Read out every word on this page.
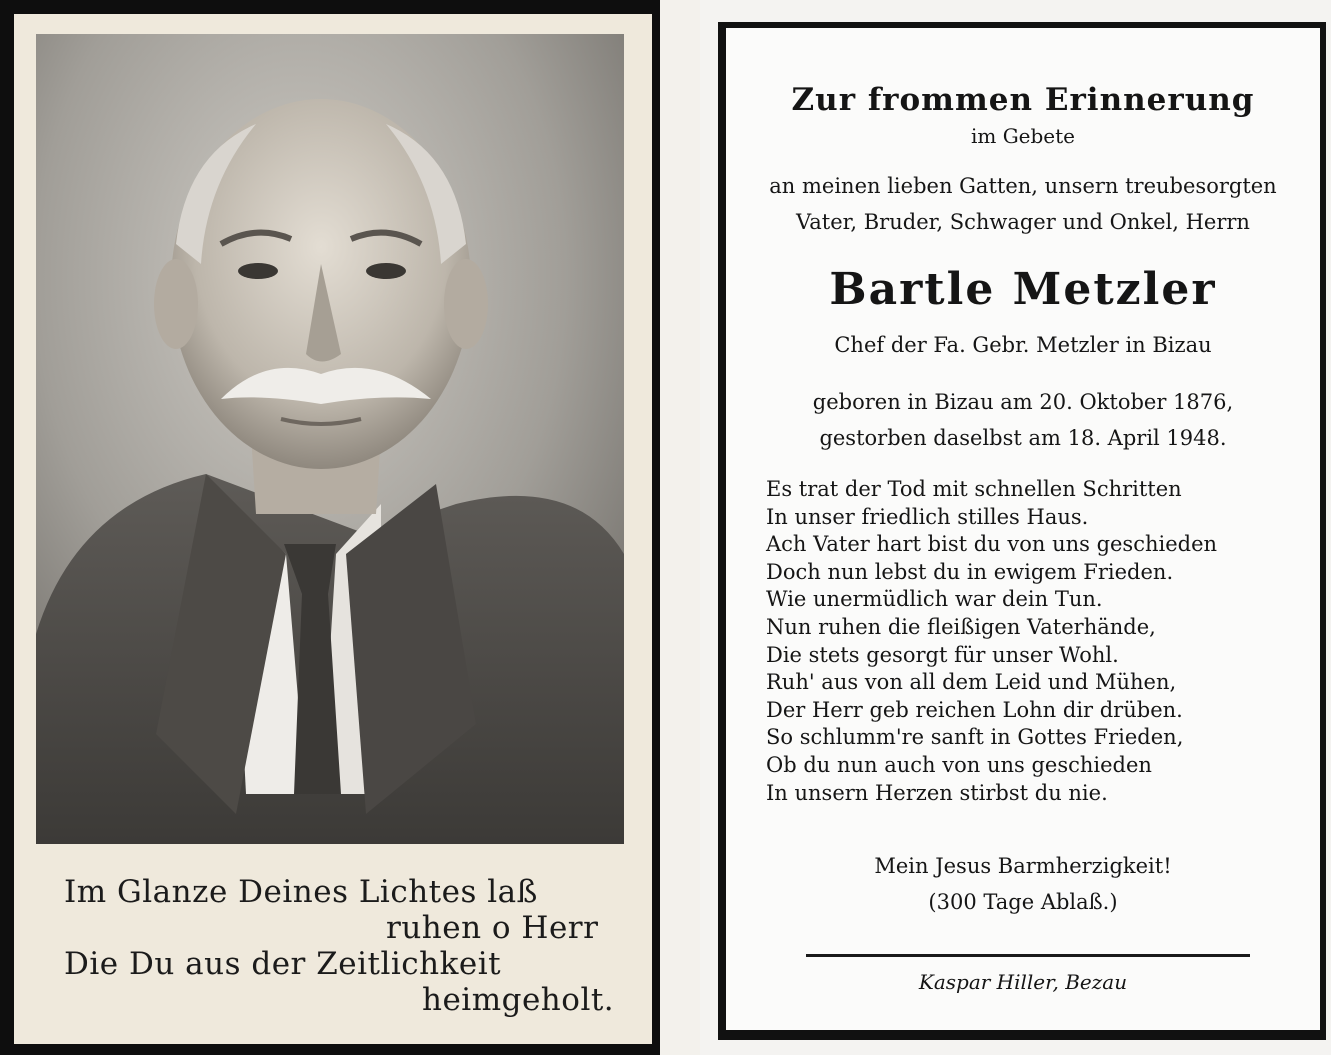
Im Glanze Deines Lichtes laß
ruhen o Herr
Die Du aus der Zeitlichkeit
heimgeholt.
Zur frommen Erinnerung
im Gebete
an meinen lieben Gatten, unsern treubesorgten
Vater, Bruder, Schwager und Onkel, Herrn
Bartle Metzler
Chef der Fa. Gebr. Metzler in Bizau
geboren in Bizau am 20. Oktober 1876,
gestorben daselbst am 18. April 1948.
Es trat der Tod mit schnellen Schritten
In unser friedlich stilles Haus.
Ach Vater hart bist du von uns geschieden
Doch nun lebst du in ewigem Frieden.
Wie unermüdlich war dein Tun.
Nun ruhen die fleißigen Vaterhände,
Die stets gesorgt für unser Wohl.
Ruh' aus von all dem Leid und Mühen,
Der Herr geb reichen Lohn dir drüben.
So schlumm're sanft in Gottes Frieden,
Ob du nun auch von uns geschieden
In unsern Herzen stirbst du nie.
Mein Jesus Barmherzigkeit!
(300 Tage Ablaß.)
Kaspar Hiller, Bezau
